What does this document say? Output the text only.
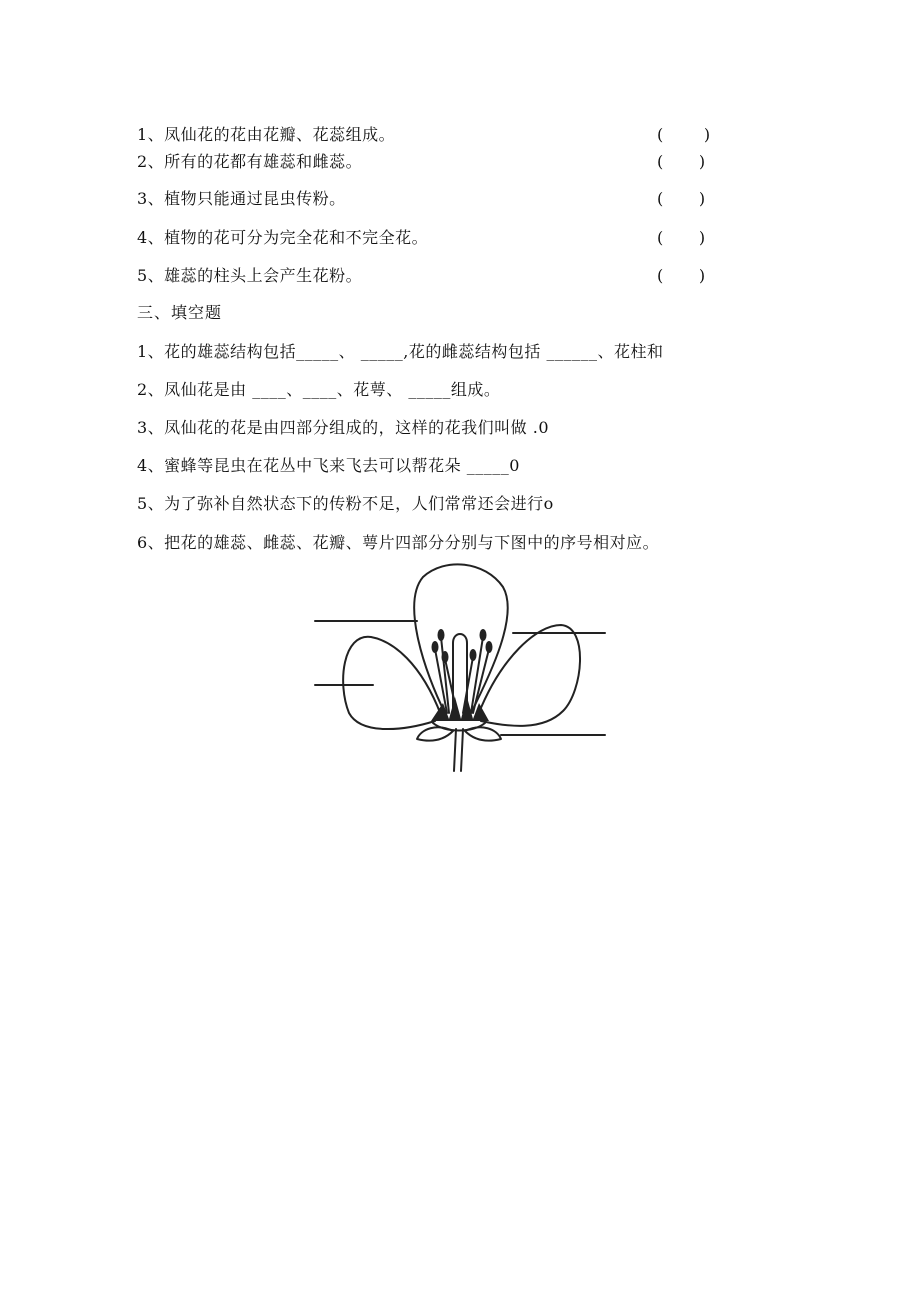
1、凤仙花的花由花瓣、花蕊组成。	(        )
2、所有的花都有雄蕊和雌蕊。	(       )
3、植物只能通过昆虫传粉。	(       )
4、植物的花可分为完全花和不完全花。	(       )
5、雄蕊的柱头上会产生花粉。	(       )
三、填空题
1、花的雄蕊结构包括_____、 _____,花的雌蕊结构包括 ______、花柱和
2、凤仙花是由 ____、____、花萼、 _____组成。
3、凤仙花的花是由四部分组成的，这样的花我们叫做 .0
4、蜜蜂等昆虫在花丛中飞来飞去可以帮花朵 _____0
5、为了弥补自然状态下的传粉不足，人们常常还会进行o
6、把花的雄蕊、雌蕊、花瓣、萼片四部分分别与下图中的序号相对应。
